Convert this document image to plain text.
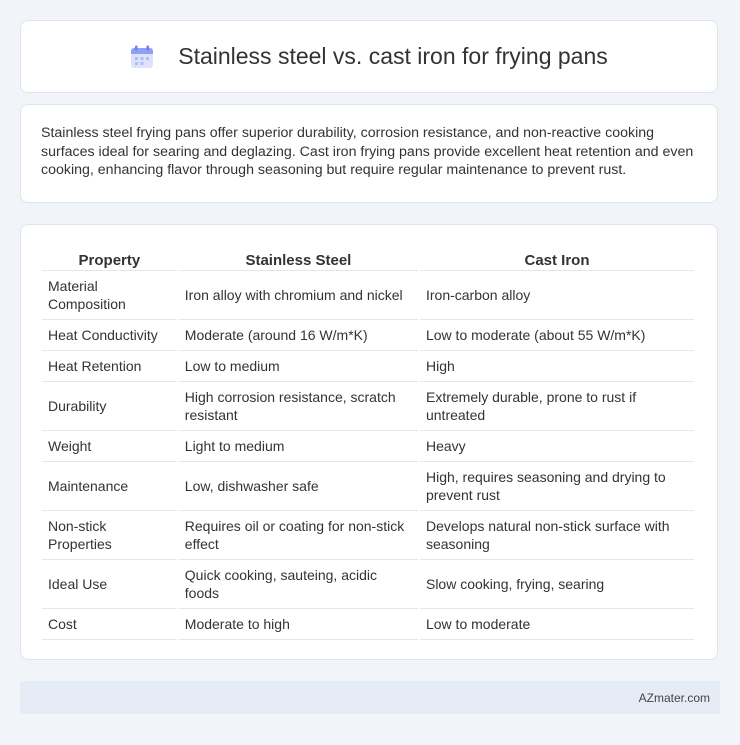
Stainless steel vs. cast iron for frying pans

Stainless steel frying pans offer superior durability, corrosion resistance, and non-reactive cooking surfaces ideal for searing and deglazing. Cast iron frying pans provide excellent heat retention and even cooking, enhancing flavor through seasoning but require regular maintenance to prevent rust.

Property	Stainless Steel	Cast Iron
Material Composition	Iron alloy with chromium and nickel	Iron-carbon alloy
Heat Conductivity	Moderate (around 16 W/m*K)	Low to moderate (about 55 W/m*K)
Heat Retention	Low to medium	High
Durability	High corrosion resistance, scratch resistant	Extremely durable, prone to rust if untreated
Weight	Light to medium	Heavy
Maintenance	Low, dishwasher safe	High, requires seasoning and drying to prevent rust
Non-stick Properties	Requires oil or coating for non-stick effect	Develops natural non-stick surface with seasoning
Ideal Use	Quick cooking, sauteing, acidic foods	Slow cooking, frying, searing
Cost	Moderate to high	Low to moderate
AZmater.com
